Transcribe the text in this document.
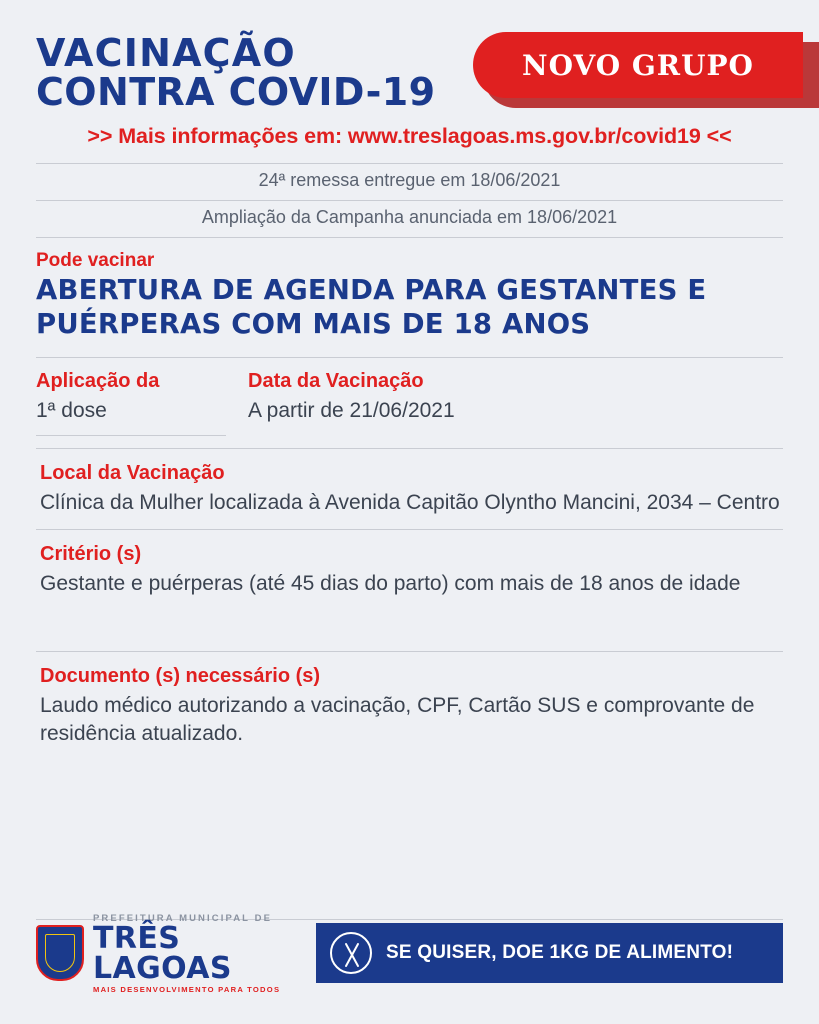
VACINAÇÃO
CONTRA COVID-19
NOVO GRUPO
>> Mais informações em: www.treslagoas.ms.gov.br/covid19 <<
24ª remessa entregue em 18/06/2021
Ampliação da Campanha anunciada em 18/06/2021
Pode vacinar
ABERTURA DE AGENDA PARA GESTANTES E PUÉRPERAS COM MAIS DE 18 ANOS
Aplicação da
1ª dose
Data da Vacinação
A partir de 21/06/2021
Local da Vacinação
Clínica da Mulher localizada à Avenida Capitão Olyntho Mancini, 2034 – Centro
Critério (s)
Gestante e puérperas (até 45 dias do parto) com mais de 18 anos de idade
Documento (s) necessário (s)
Laudo médico autorizando a vacinação, CPF, Cartão SUS e comprovante de residência atualizado.
PREFEITURA MUNICIPAL DE
TRÊS LAGOAS
MAIS DESENVOLVIMENTO PARA TODOS
SE QUISER, DOE 1KG DE ALIMENTO!
